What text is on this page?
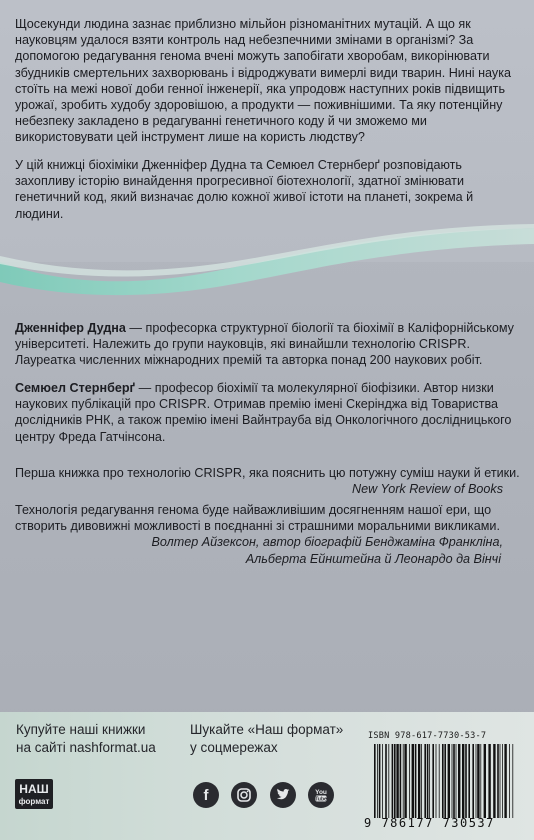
Щосекунди людина зазнає приблизно мільйон різноманітних мутацій. А що як науковцям удалося взяти контроль над небезпечними змінами в організмі? За допомогою редагування генома вчені можуть запобігати хворобам, викорінювати збудників смертельних захворювань і відроджувати вимерлі види тварин. Нині наука стоїть на межі нової доби генної інженерії, яка упродовж наступних років підвищить урожаї, зробить худобу здоровішою, а продукти — поживнішими. Та яку потенційну небезпеку закладено в редагуванні генетичного коду й чи зможемо ми використовувати цей інструмент лише на користь людству?

У цій книжці біохіміки Дженніфер Дудна та Семюел Стернберґ розповідають захопливу історію винайдення прогресивної біотехнології, здатної змінювати генетичний код, який визначає долю кожної живої істоти на планеті, зокрема й людини.

Дженніфер Дудна — професорка структурної біології та біохімії в Каліфорнійському університеті. Належить до групи науковців, які винайшли технологію CRISPR. Лауреатка численних міжнародних премій та авторка понад 200 наукових робіт.

Семюел Стернберґ — професор біохімії та молекулярної біофізики. Автор низки наукових публікацій про CRISPR. Отримав премію імені Скерінджа від Товариства дослідників РНК, а також премію імені Вайнтрауба від Онкологічного дослідницького центру Фреда Гатчінсона.

Перша книжка про технологію CRISPR, яка пояснить цю потужну суміш науки й етики.
New York Review of Books

Технологія редагування генома буде найважливішим досягненням нашої ери, що створить дивовижні можливості в поєднанні зі страшними моральними викликами.
Волтер Айзексон, автор біографій Бенджаміна Франкліна,
Альберта Ейнштейна й Леонардо да Вінчі

Купуйте наші книжки
на сайті nashformat.ua

Шукайте «Наш формат»
у соцмережах

НАШ
формат	f	You
Tube
ISBN 978-617-7730-53-7
9 786177 730537
